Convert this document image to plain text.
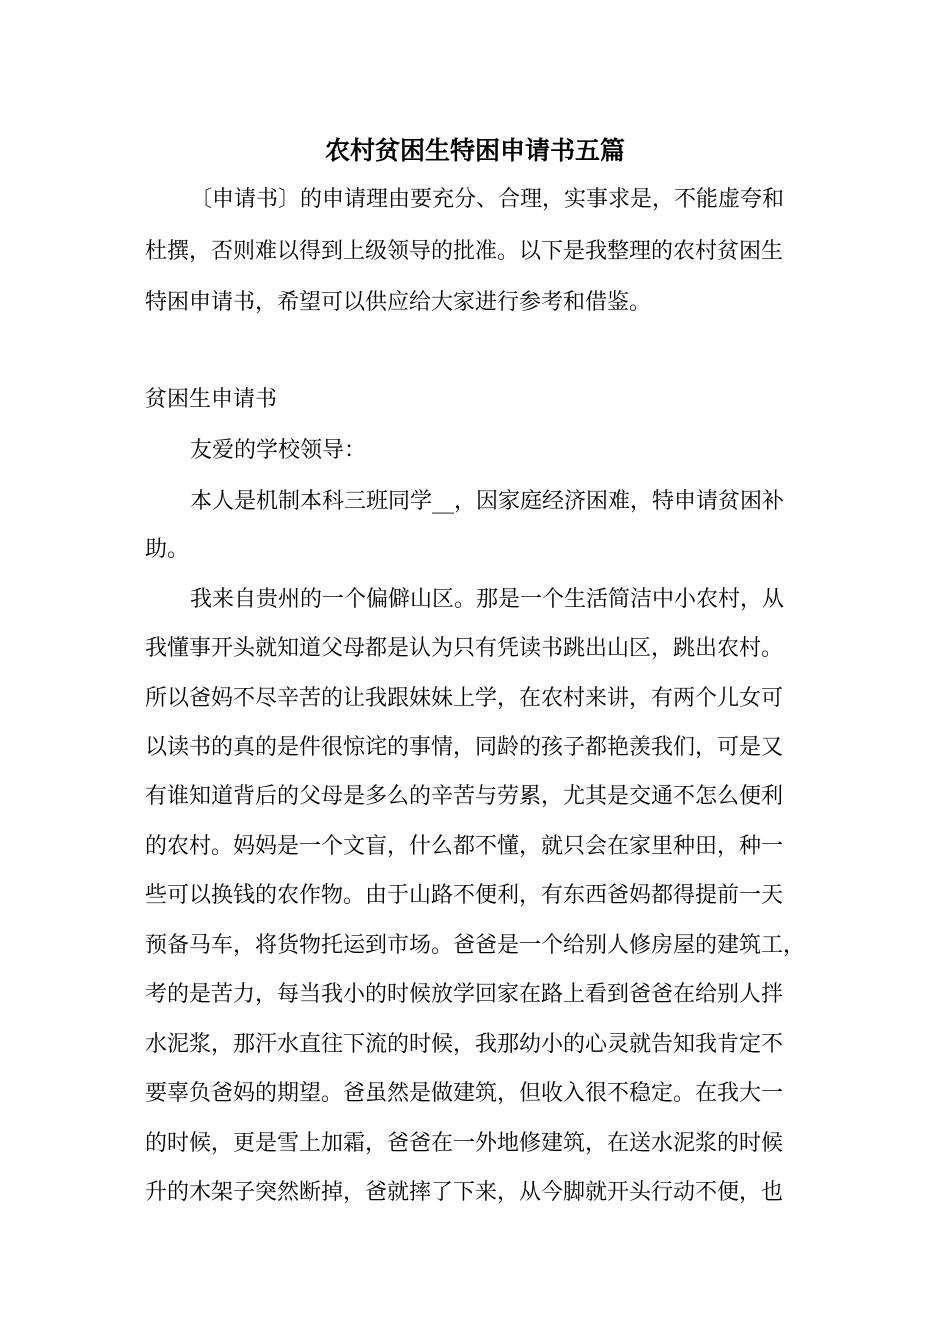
农村贫困生特困申请书五篇
〔申请书〕的申请理由要充分、合理，实事求是，不能虚夸和
杜撰，否则难以得到上级领导的批准。以下是我整理的农村贫困生
特困申请书，希望可以供应给大家进行参考和借鉴。
贫困生申请书
友爱的学校领导：
本人是机制本科三班同学__，因家庭经济困难，特申请贫困补
助。
我来自贵州的一个偏僻山区。那是一个生活简洁中小农村，从
我懂事开头就知道父母都是认为只有凭读书跳出山区，跳出农村。
所以爸妈不尽辛苦的让我跟妹妹上学，在农村来讲，有两个儿女可
以读书的真的是件很惊诧的事情，同龄的孩子都艳羡我们，可是又
有谁知道背后的父母是多么的辛苦与劳累，尤其是交通不怎么便利
的农村。妈妈是一个文盲，什么都不懂，就只会在家里种田，种一
些可以换钱的农作物。由于山路不便利，有东西爸妈都得提前一天
预备马车，将货物托运到市场。爸爸是一个给别人修房屋的建筑工，
考的是苦力，每当我小的时候放学回家在路上看到爸爸在给别人拌
水泥浆，那汗水直往下流的时候，我那幼小的心灵就告知我肯定不
要辜负爸妈的期望。爸虽然是做建筑，但收入很不稳定。在我大一
的时候，更是雪上加霜，爸爸在一外地修建筑，在送水泥浆的时候
升的木架子突然断掉，爸就摔了下来，从今脚就开头行动不便，也
